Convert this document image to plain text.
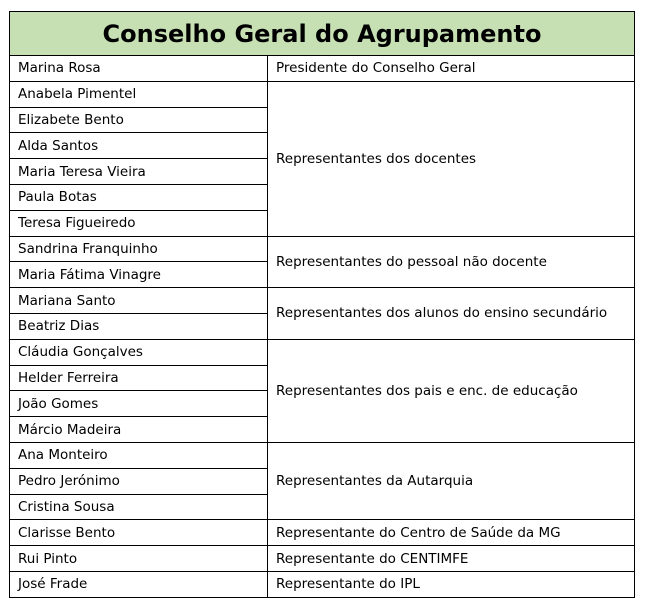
Conselho Geral do Agrupamento	
Marina Rosa	Presidente do Conselho Geral
Anabela Pimentel	Representantes dos docentes
Elizabete Bento	
Alda Santos	
Maria Teresa Vieira	
Paula Botas	
Teresa Figueiredo	
Sandrina Franquinho	Representantes do pessoal não docente
Maria Fátima Vinagre	
Mariana Santo	Representantes dos alunos do ensino secundário
Beatriz Dias	
Cláudia Gonçalves	Representantes dos pais e enc. de educação
Helder Ferreira	
João Gomes	
Márcio Madeira	
Ana Monteiro	Representantes da Autarquia
Pedro Jerónimo	
Cristina Sousa	
Clarisse Bento	Representante do Centro de Saúde da MG
Rui Pinto	Representante do CENTIMFE
José Frade	Representante do IPL
